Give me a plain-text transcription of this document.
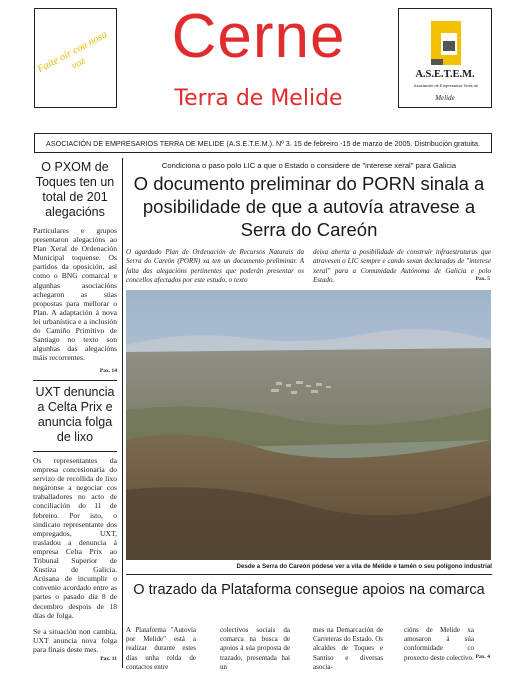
Faite oír coa nosa voz	Cerne
Terra de Melide
A.S.E.T.E.M.
Asociación de Empresarios Terra de
Melide
ASOCIACIÓN DE EMPRESARIOS TERRA DE MELIDE (A.S.E.T.E.M.). Nº 3. 15 de febreiro -15 de marzo de 2005. Distribución gratuita.
O PXOM de Toques ten un total de 201 alegacións
Particulares e grupos presentaron alegacións ao Plan Xeral de Ordenación Municipal toquense. Os partidos da oposición, así como o BNG comarcal e algunhas asociacións achegaron as súas propostas para mellorar o Plan. A adaptación á nova lei urbanística e a inclusión do Camiño Primitivo de Santiago no texto son algunhas das alegacións máis recorrentes.
Pax. 14
UXT denuncia a Celta Prix e anuncia folga de lixo
Os representantes da empresa concesionaria do servizo de recollida de lixo negáronse a negociar cos traballadores no acto de conciliación do 11 de febreiro. Por isto, o sindicato representante dos empregados, UXT, trasladou a denuncia á empresa Celta Prix ao Tribunal Superior de Xustiza de Galicia. Acúsana de incumplir o convenio acordado entre as partes o pasado día 8 de decembro despois de 18 días de folga.
Se a situación non cambia, UXT anuncia nova folga para finais deste mes.
Pax. 11
Condiciona o paso polo LIC a que o Estado o considere de "interese xeral" para Galicia
O documento preliminar do PORN sinala a posibilidade de que a autovía atravese a Serra do Careón
O agardado Plan de Ordenación de Recursos Naturais da Serra do Careón (PORN) xa ten un documento preliminar. A falta das alegacións pertinentes que poderán presentar os concellos afectados por este estudo, o texto
deixa aberta a posibilidade de construír infraestruturas que atravesen o LIC sempre e cando sexan declaradas de "interese xeral" para a Comunidade Autónoma de Galicia e polo Estado.	Pax. 5
Desde a Serra do Careón pódese ver a vila de Melide e tamén o seu polígono industrial
O trazado da Plataforma consegue apoios na comarca
A Plataforma "Autovía por Melide" está a realizar durante estes días unha rolda de contactos entre
colectivos sociais da comarca na busca de apoios á súa proposta de trazado, presentada hai un
mes na Demarcación de Carreteras do Estado. Os alcaldes de Toques e Santiso e diversas asocia-
cións de Melide xa amosaron á súa conformidade co proxecto deste colectivo. Pax. 4
